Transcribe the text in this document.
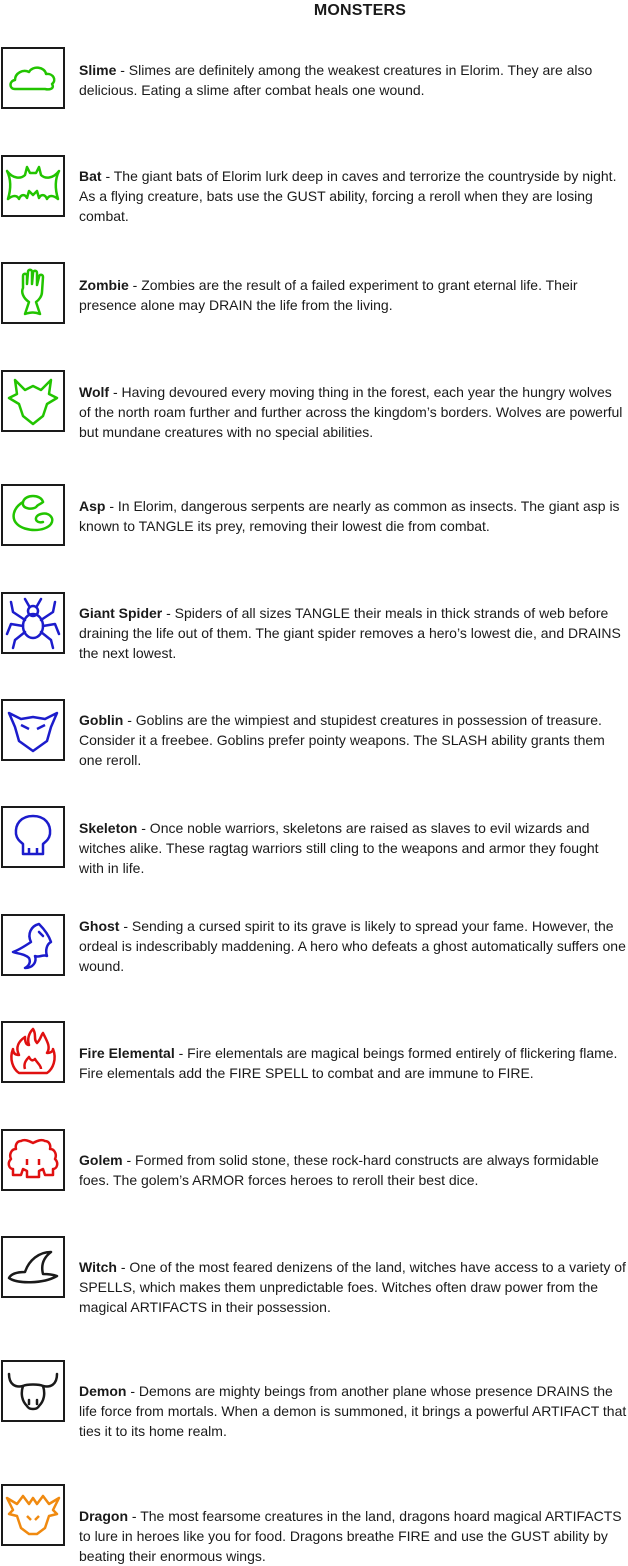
MONSTERS

Slime - Slimes are definitely among the weakest creatures in Elorim. They are also delicious. Eating a slime after combat heals one wound.

Bat - The giant bats of Elorim lurk deep in caves and terrorize the countryside by night. As a flying creature, bats use the GUST ability, forcing a reroll when they are losing combat.

Zombie - Zombies are the result of a failed experiment to grant eternal life. Their presence alone may DRAIN the life from the living.

Wolf - Having devoured every moving thing in the forest, each year the hungry wolves of the north roam further and further across the kingdom’s borders. Wolves are powerful but mundane creatures with no special abilities.

Asp - In Elorim, dangerous serpents are nearly as common as insects. The giant asp is known to TANGLE its prey, removing their lowest die from combat.

Giant Spider - Spiders of all sizes TANGLE their meals in thick strands of web before draining the life out of them. The giant spider removes a hero’s lowest die, and DRAINS the next lowest.

Goblin - Goblins are the wimpiest and stupidest creatures in possession of treasure. Consider it a freebee. Goblins prefer pointy weapons. The SLASH ability grants them one reroll.

Skeleton - Once noble warriors, skeletons are raised as slaves to evil wizards and witches alike. These ragtag warriors still cling to the weapons and armor they fought with in life.

Ghost - Sending a cursed spirit to its grave is likely to spread your fame. However, the ordeal is indescribably maddening. A hero who defeats a ghost automatically suffers one wound.

Fire Elemental - Fire elementals are magical beings formed entirely of flickering flame. Fire elementals add the FIRE SPELL to combat and are immune to FIRE.

Golem - Formed from solid stone, these rock-hard constructs are always formidable foes. The golem’s ARMOR forces heroes to reroll their best dice.

Witch - One of the most feared denizens of the land, witches have access to a variety of SPELLS, which makes them unpredictable foes. Witches often draw power from the magical ARTIFACTS in their possession.

Demon - Demons are mighty beings from another plane whose presence DRAINS the life force from mortals. When a demon is summoned, it brings a powerful ARTIFACT that ties it to its home realm.

Dragon - The most fearsome creatures in the land, dragons hoard magical ARTIFACTS to lure in heroes like you for food. Dragons breathe FIRE and use the GUST ability by beating their enormous wings.
